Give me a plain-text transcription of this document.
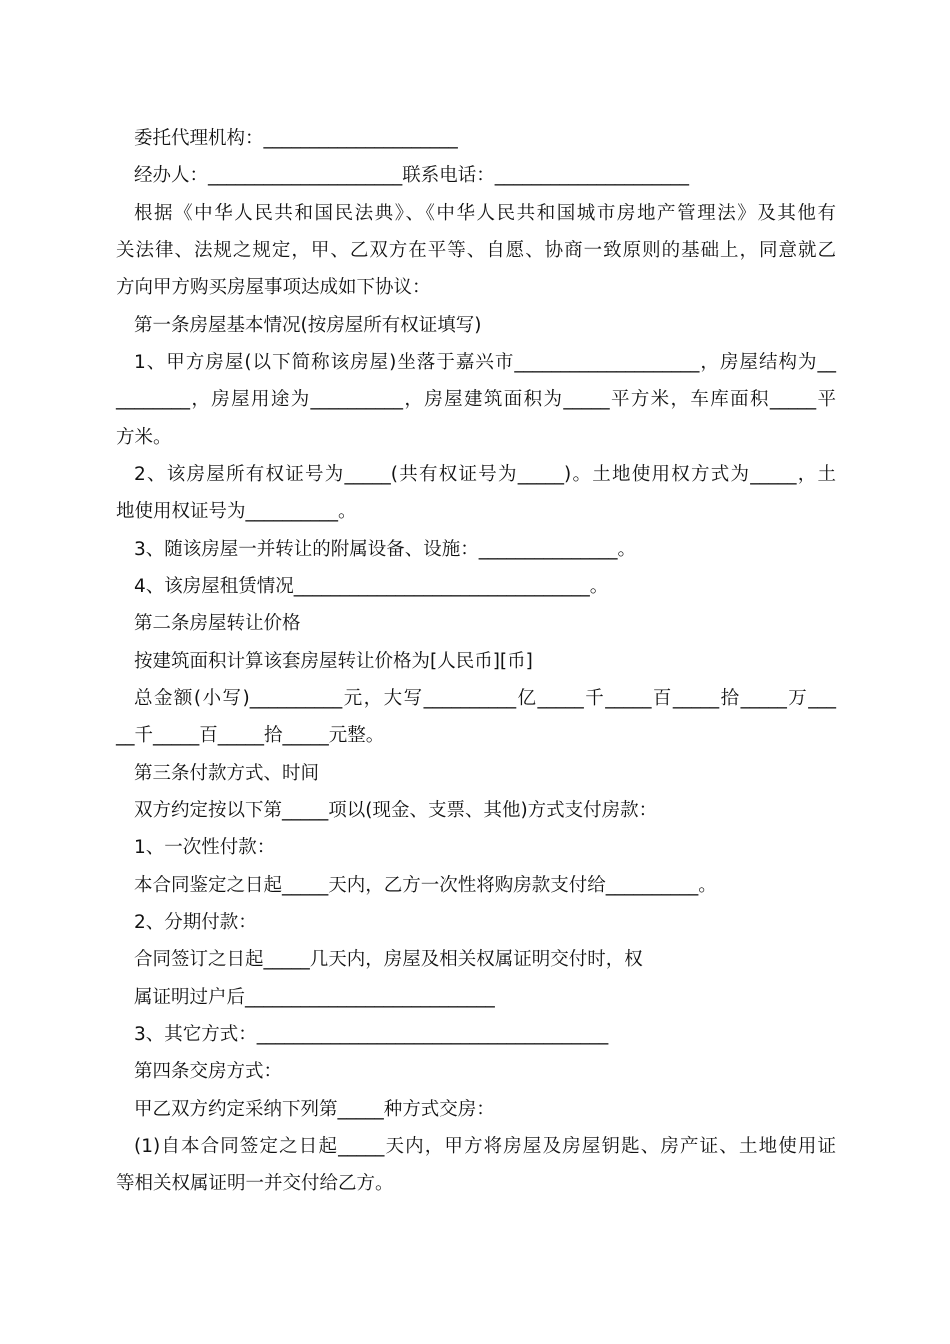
委托代理机构：_____________________
经办人：_____________________联系电话：_____________________
根据《中华人民共和国民法典》、《中华人民共和国城市房地产管理法》及其他有
关法律、法规之规定，甲、乙双方在平等、自愿、协商一致原则的基础上，同意就乙
方向甲方购买房屋事项达成如下协议：
第一条房屋基本情况(按房屋所有权证填写)
1、甲方房屋(以下简称该房屋)坐落于嘉兴市____________________，房屋结构为__
________，房屋用途为__________，房屋建筑面积为_____平方米，车库面积_____平
方米。
2、该房屋所有权证号为_____(共有权证号为_____)。土地使用权方式为_____，土
地使用权证号为__________。
3、随该房屋一并转让的附属设备、设施：_______________。
4、该房屋租赁情况________________________________。
第二条房屋转让价格
按建筑面积计算该套房屋转让价格为[人民币][币]
总金额(小写)__________元，大写__________亿_____千_____百_____拾_____万___
__千_____百_____拾_____元整。
第三条付款方式、时间
双方约定按以下第_____项以(现金、支票、其他)方式支付房款：
1、一次性付款：
本合同鉴定之日起_____天内，乙方一次性将购房款支付给__________。
2、分期付款：
合同签订之日起_____几天内，房屋及相关权属证明交付时，权
属证明过户后___________________________
3、其它方式：______________________________________
第四条交房方式：
甲乙双方约定采纳下列第_____种方式交房：
(1)自本合同签定之日起_____天内，甲方将房屋及房屋钥匙、房产证、土地使用证
等相关权属证明一并交付给乙方。
